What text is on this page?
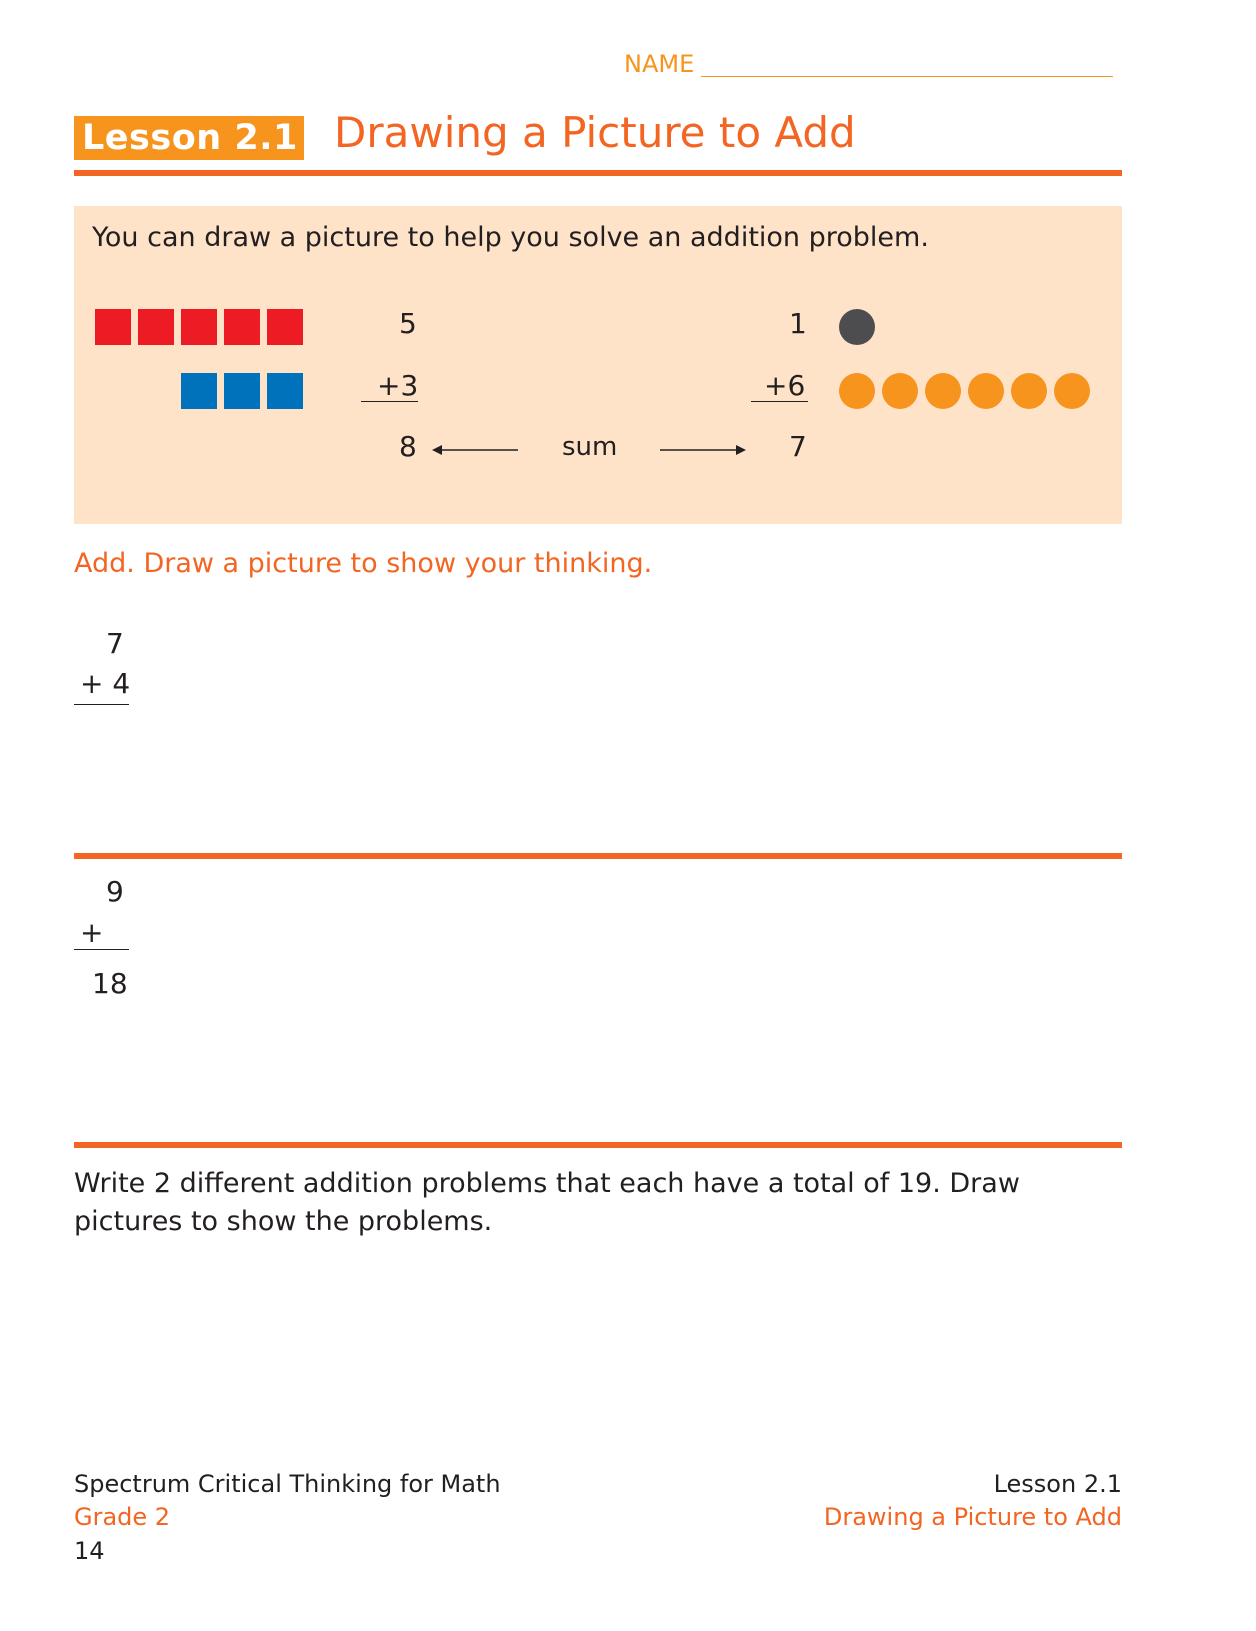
NAME
Lesson 2.1 Drawing a Picture to Add
You can draw a picture to help you solve an addition problem.
5
+3
8	sum
1
+6
7
Add. Draw a picture to show your thinking.
7
+ 4
9
+
18
Write 2 different addition problems that each have a total of 19. Draw pictures to show the problems.
Spectrum Critical Thinking for Math
Grade 2
14
Lesson 2.1
Drawing a Picture to Add
